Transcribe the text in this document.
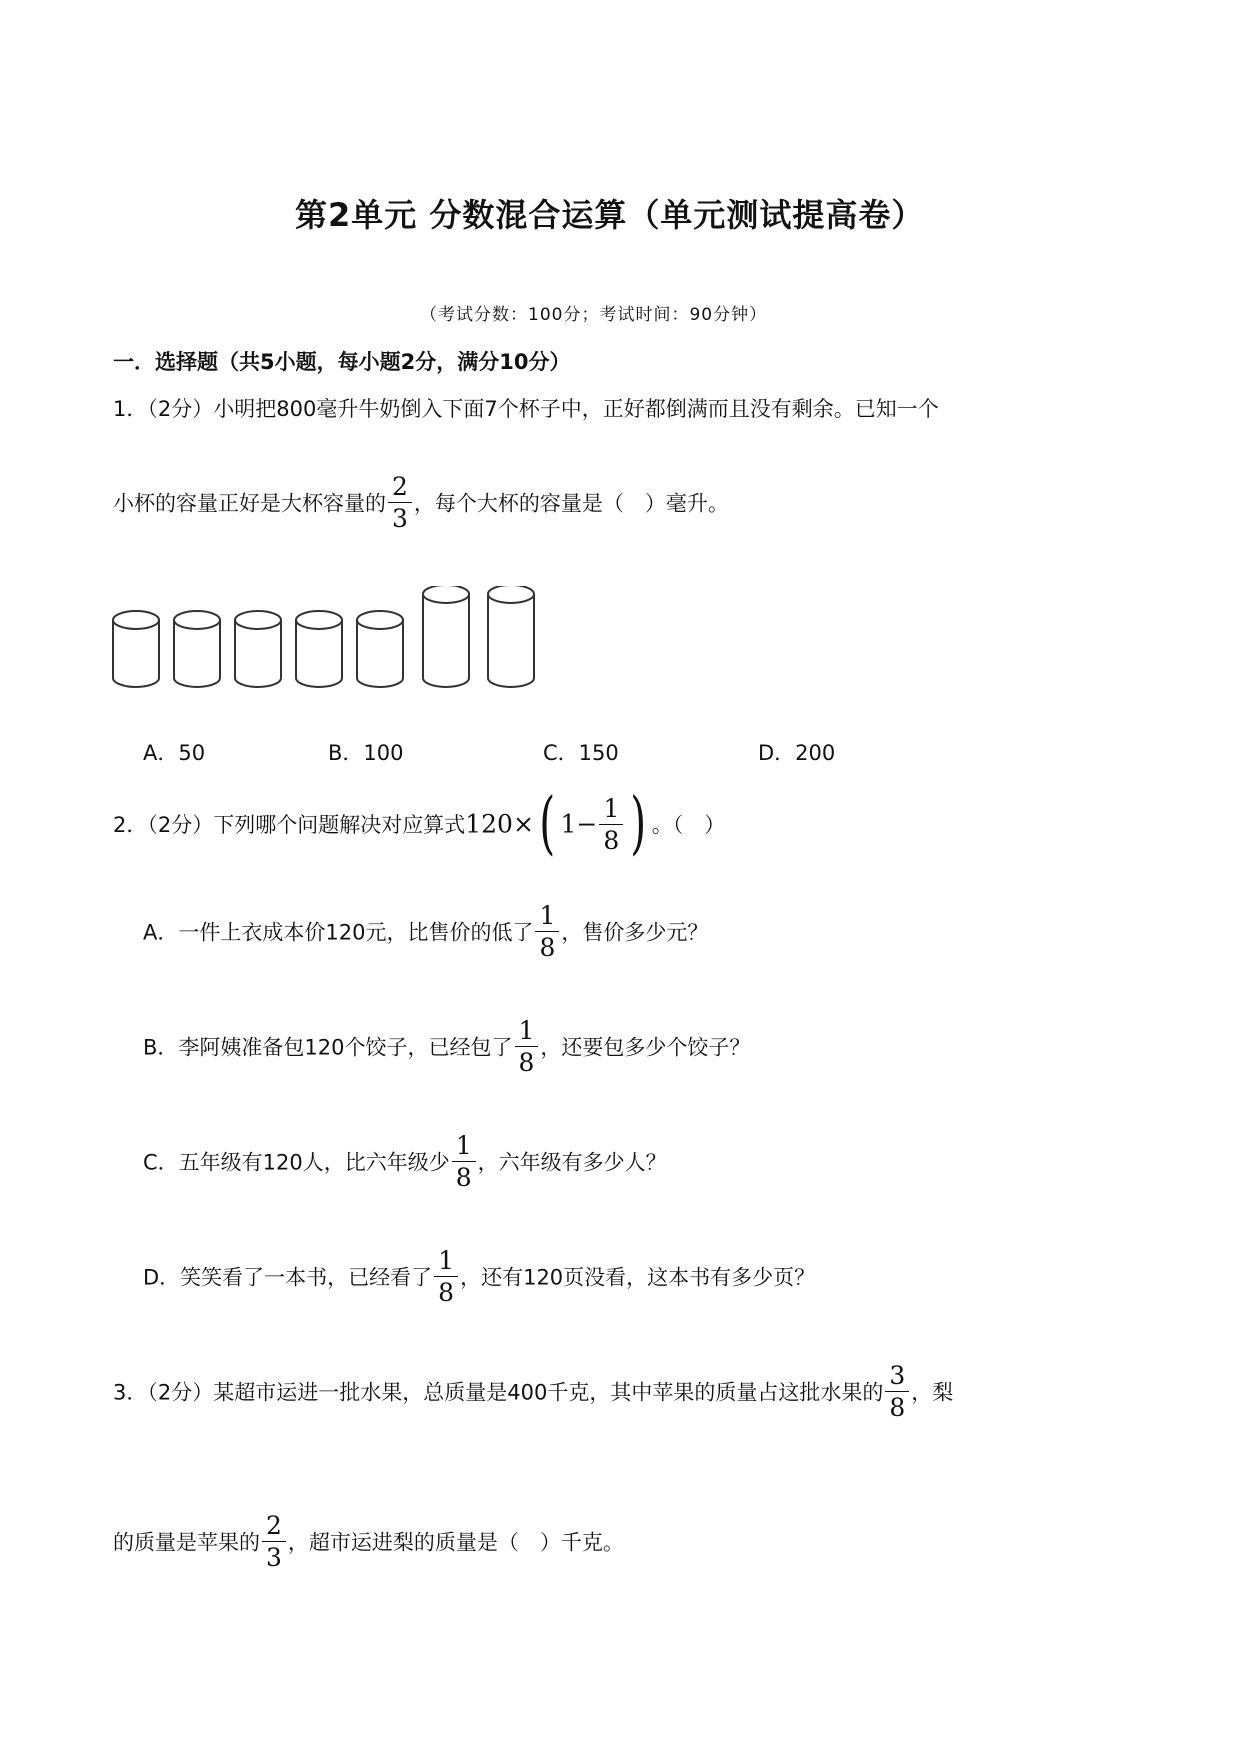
第2单元 分数混合运算（单元测试提高卷）
（考试分数：100分；考试时间：90分钟）
一．选择题（共5小题，每小题2分，满分10分）
1．（2分）小明把800毫升牛奶倒入下面7个杯子中，正好都倒满而且没有剩余。已知一个
小杯的容量正好是大杯容量的 $\frac{2}{3}$ ，每个大杯的容量是（　）毫升。
A．50	B．100	C．150	D．200
2．（2分）下列哪个问题解决对应算式120×( $1- \frac{1}{8}$ ) 。（　）
A．一件上衣成本价120元，比售价的低了 $\frac{1}{8}$ ，售价多少元？
B．李阿姨准备包120个饺子，已经包了 $\frac{1}{8}$ ，还要包多少个饺子？
C．五年级有120人，比六年级少 $\frac{1}{8}$ ，六年级有多少人？
D．笑笑看了一本书，已经看了 $\frac{1}{8}$ ，还有120页没看，这本书有多少页？
3．（2分）某超市运进一批水果，总质量是400千克，其中苹果的质量占这批水果的 $\frac{3}{8}$ ，梨
的质量是苹果的 $\frac{2}{3}$ ，超市运进梨的质量是（　）千克。
